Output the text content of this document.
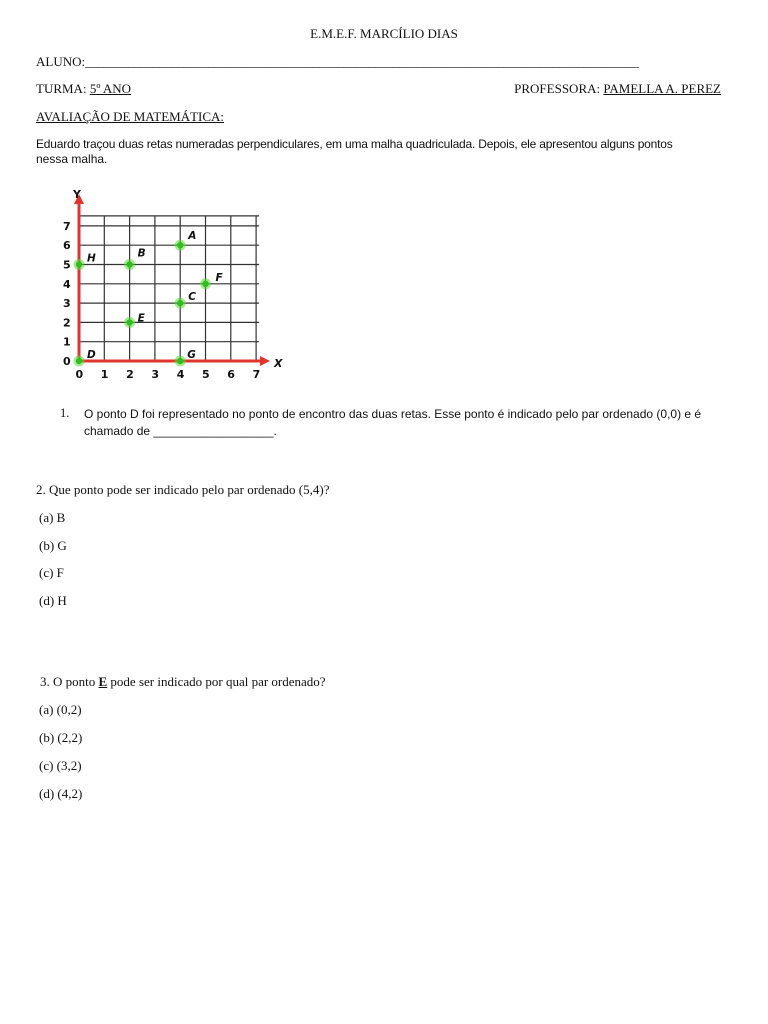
E.M.E.F. MARCÍLIO DIAS
ALUNO:__________________________________________________________________________________________
TURMA: 5º ANO	PROFESSORA: PAMELLA A. PEREZ
AVALIAÇÃO DE MATEMÁTICA:
Eduardo traçou duas retas numeradas perpendiculares, em uma malha quadriculada. Depois, ele apresentou alguns pontos
nessa malha.
Y
X
0 1 2 3 4 5 6 7
0
1
2
3
4
5
6
7
A
B
H
F
C
E
D	G
1. O ponto D foi representado no ponto de encontro das duas retas. Esse ponto é indicado pelo par ordenado (0,0) e é chamado de __________________.
2. Que ponto pode ser indicado pelo par ordenado (5,4)?
(a) B
(b) G
(c) F
(d) H
3. O ponto E pode ser indicado por qual par ordenado?
(a) (0,2)
(b) (2,2)
(c) (3,2)
(d) (4,2)
